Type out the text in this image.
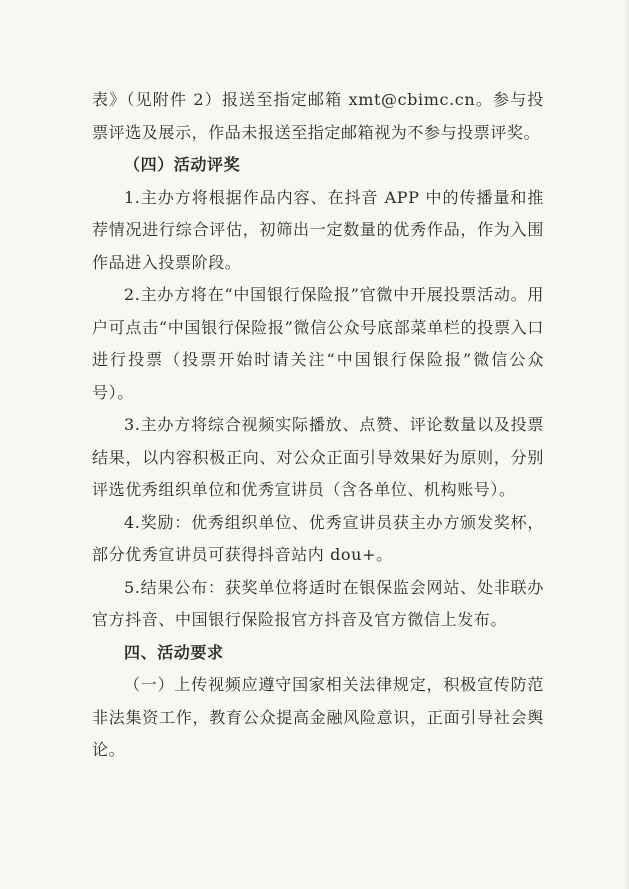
表》（见附件 2）报送至指定邮箱 xmt@cbimc.cn。参与投票评选及展示，作品未报送至指定邮箱视为不参与投票评奖。

（四）活动评奖

1.主办方将根据作品内容、在抖音 APP 中的传播量和推荐情况进行综合评估，初筛出一定数量的优秀作品，作为入围作品进入投票阶段。

2.主办方将在“中国银行保险报”官微中开展投票活动。用户可点击“中国银行保险报”微信公众号底部菜单栏的投票入口进行投票（投票开始时请关注“中国银行保险报”微信公众号）。

3.主办方将综合视频实际播放、点赞、评论数量以及投票结果，以内容积极正向、对公众正面引导效果好为原则，分别评选优秀组织单位和优秀宣讲员（含各单位、机构账号）。

4.奖励：优秀组织单位、优秀宣讲员获主办方颁发奖杯，部分优秀宣讲员可获得抖音站内 dou+。

5.结果公布：获奖单位将适时在银保监会网站、处非联办官方抖音、中国银行保险报官方抖音及官方微信上发布。

四、活动要求

（一）上传视频应遵守国家相关法律规定，积极宣传防范非法集资工作，教育公众提高金融风险意识，正面引导社会舆论。
